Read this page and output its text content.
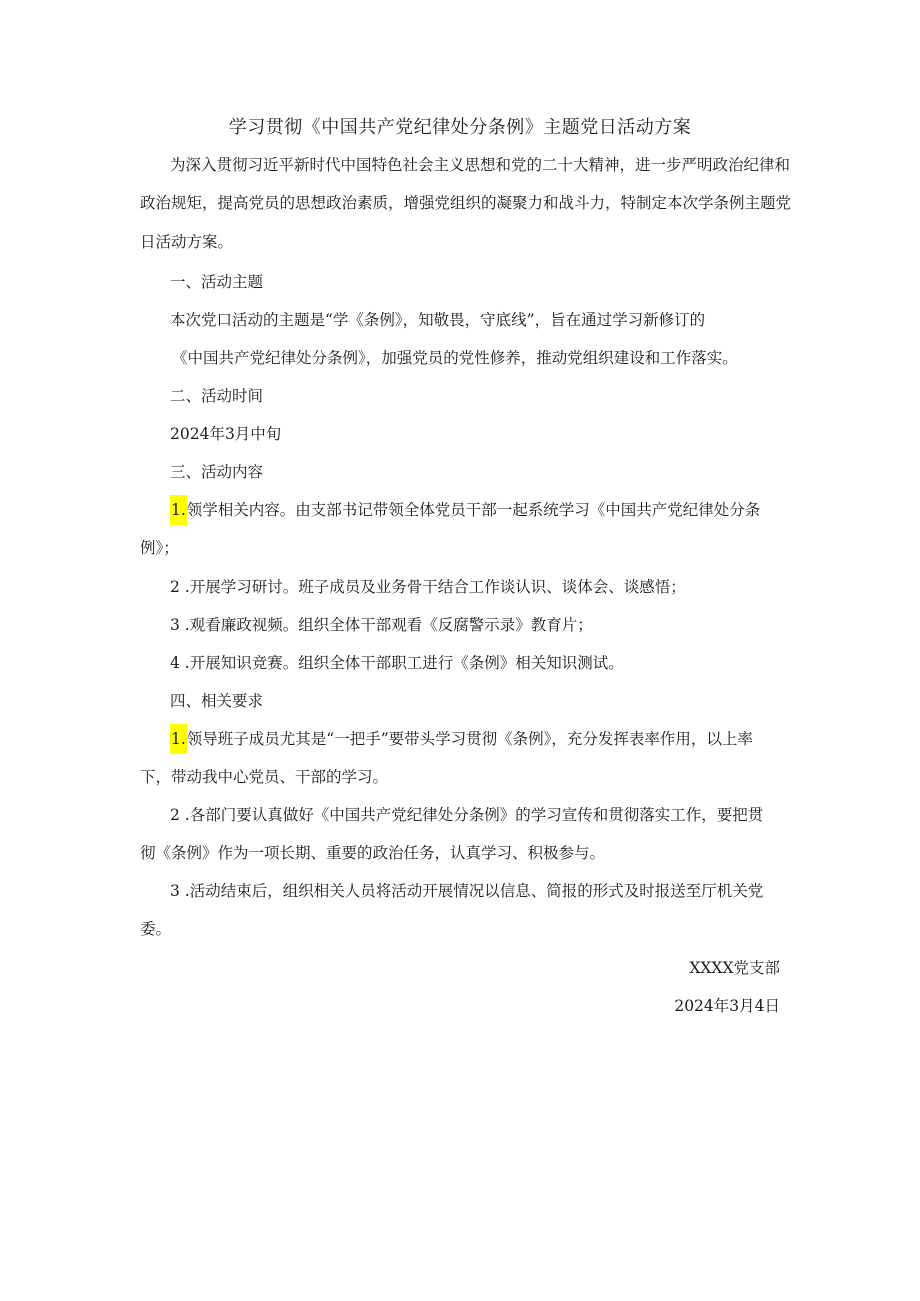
学习贯彻《中国共产党纪律处分条例》主题党日活动方案
为深入贯彻习近平新时代中国特色社会主义思想和党的二十大精神，进一步严明政治纪律和
政治规矩，提高党员的思想政治素质，增强党组织的凝聚力和战斗力，特制定本次学条例主题党
日活动方案。
一、活动主题
本次党口活动的主题是“学《条例》，知敬畏，守底线”，旨在通过学习新修订的
《中国共产党纪律处分条例》，加强党员的党性修养，推动党组织建设和工作落实。
二、活动时间
2024年3月中旬
三、活动内容
1.领学相关内容。由支部书记带领全体党员干部一起系统学习《中国共产党纪律处分条
例》；
2 .开展学习研讨。班子成员及业务骨干结合工作谈认识、谈体会、谈感悟；
3 .观看廉政视频。组织全体干部观看《反腐警示录》教育片；
4 .开展知识竞赛。组织全体干部职工进行《条例》相关知识测试。
四、相关要求
1.领导班子成员尤其是“一把手”要带头学习贯彻《条例》，充分发挥表率作用，以上率
下，带动我中心党员、干部的学习。
2 .各部门要认真做好《中国共产党纪律处分条例》的学习宣传和贯彻落实工作，要把贯
彻《条例》作为一项长期、重要的政治任务，认真学习、积极参与。
3 .活动结束后，组织相关人员将活动开展情况以信息、简报的形式及时报送至厅机关党
委。
XXXX党支部
2024年3月4日
